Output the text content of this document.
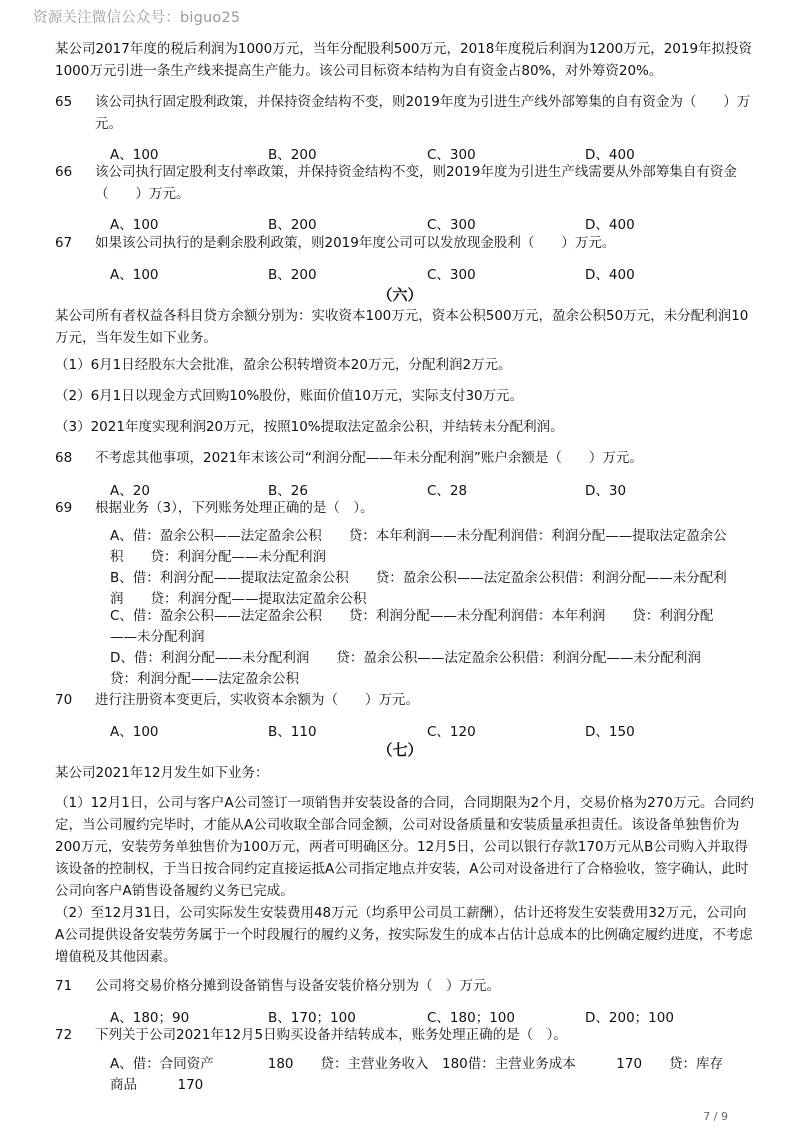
资源关注微信公众号：biguo25
某公司2017年度的税后利润为1000万元，当年分配股利500万元，2018年度税后利润为1200万元，2019年拟投资1000万元引进一条生产线来提高生产能力。该公司目标资本结构为自有资金占80%，对外筹资20%。
65	该公司执行固定股利政策，并保持资金结构不变，则2019年度为引进生产线外部筹集的自有资金为（　　）万元。
A、100	B、200	C、300	D、400
66	该公司执行固定股利支付率政策，并保持资金结构不变，则2019年度为引进生产线需要从外部筹集自有资金（　　）万元。
A、100	B、200	C、300	D、400
67	如果该公司执行的是剩余股利政策，则2019年度公司可以发放现金股利（　　）万元。
A、100	B、200	C、300	D、400
（六）
某公司所有者权益各科目贷方余额分别为：实收资本100万元，资本公积500万元，盈余公积50万元，未分配利润10万元，当年发生如下业务。
（1）6月1日经股东大会批准，盈余公积转增资本20万元，分配利润2万元。
（2）6月1日以现金方式回购10%股份，账面价值10万元，实际支付30万元。
（3）2021年度实现利润20万元，按照10%提取法定盈余公积，并结转未分配利润。
68	不考虑其他事项，2021年末该公司“利润分配——年未分配利润”账户余额是（　　）万元。
A、20	B、26	C、28	D、30
69	根据业务（3），下列账务处理正确的是（　）。
A、借：盈余公积——法定盈余公积　　贷：本年利润——未分配利润借：利润分配——提取法定盈余公积　　贷：利润分配——未分配利润
B、借：利润分配——提取法定盈余公积　　贷：盈余公积——法定盈余公积借：利润分配——未分配利润　　贷：利润分配——提取法定盈余公积
C、借：盈余公积——法定盈余公积　　贷：利润分配——未分配利润借：本年利润　　贷：利润分配——未分配利润
D、借：利润分配——未分配利润　　贷：盈余公积——法定盈余公积借：利润分配——未分配利润　　贷：利润分配——法定盈余公积
70	进行注册资本变更后，实收资本余额为（　　）万元。
A、100	B、110	C、120	D、150
（七）
某公司2021年12月发生如下业务：
（1）12月1日，公司与客户A公司签订一项销售并安装设备的合同，合同期限为2个月，交易价格为270万元。合同约定，当公司履约完毕时，才能从A公司收取全部合同金额，公司对设备质量和安装质量承担责任。该设备单独售价为200万元，安装劳务单独售价为100万元，两者可明确区分。12月5日，公司以银行存款170万元从B公司购入并取得该设备的控制权，于当日按合同约定直接运抵A公司指定地点并安装，A公司对设备进行了合格验收，签字确认，此时公司向客户A销售设备履约义务已完成。
（2）至12月31日，公司实际发生安装费用48万元（均系甲公司员工薪酬），估计还将发生安装费用32万元，公司向A公司提供设备安装劳务属于一个时段履行的履约义务，按实际发生的成本占估计总成本的比例确定履约进度，不考虑增值税及其他因素。
71	公司将交易价格分摊到设备销售与设备安装价格分别为（　）万元。
A、180；90	B、170；100	C、180；100	D、200；100
72	下列关于公司2021年12月5日购买设备并结转成本，账务处理正确的是（　）。
A、借：合同资产　　　　180　　贷：主营业务收入　180借：主营业务成本　　　170　　贷：库存商品　　　170
7 / 9
